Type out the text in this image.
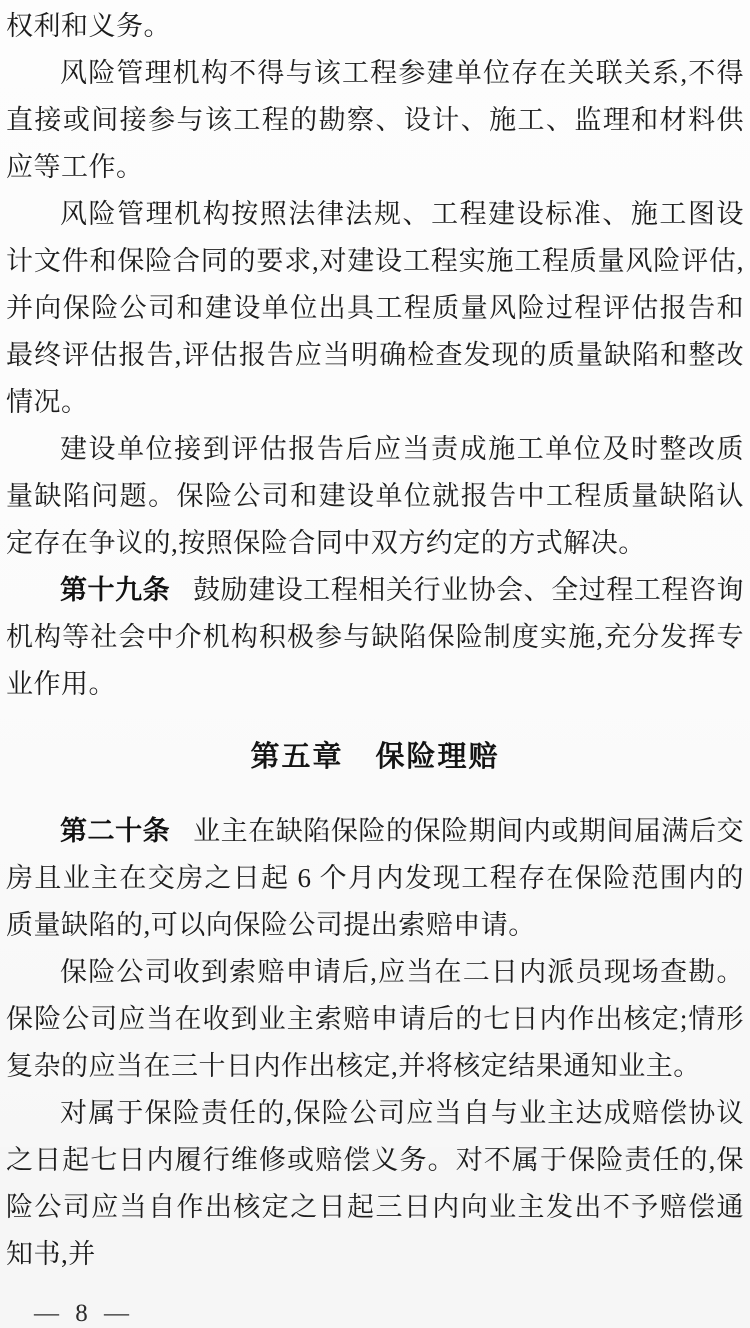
权利和义务。

风险管理机构不得与该工程参建单位存在关联关系,不得直接或间接参与该工程的勘察、设计、施工、监理和材料供应等工作。

风险管理机构按照法律法规、工程建设标准、施工图设计文件和保险合同的要求,对建设工程实施工程质量风险评估,并向保险公司和建设单位出具工程质量风险过程评估报告和最终评估报告,评估报告应当明确检查发现的质量缺陷和整改情况。

建设单位接到评估报告后应当责成施工单位及时整改质量缺陷问题。保险公司和建设单位就报告中工程质量缺陷认定存在争议的,按照保险合同中双方约定的方式解决。

第十九条 鼓励建设工程相关行业协会、全过程工程咨询机构等社会中介机构积极参与缺陷保险制度实施,充分发挥专业作用。

第五章 保险理赔

第二十条 业主在缺陷保险的保险期间内或期间届满后交房且业主在交房之日起 6 个月内发现工程存在保险范围内的质量缺陷的,可以向保险公司提出索赔申请。

保险公司收到索赔申请后,应当在二日内派员现场查勘。保险公司应当在收到业主索赔申请后的七日内作出核定;情形复杂的应当在三十日内作出核定,并将核定结果通知业主。

对属于保险责任的,保险公司应当自与业主达成赔偿协议之日起七日内履行维修或赔偿义务。对不属于保险责任的,保险公司应当自作出核定之日起三日内向业主发出不予赔偿通知书,并

— 8 —
